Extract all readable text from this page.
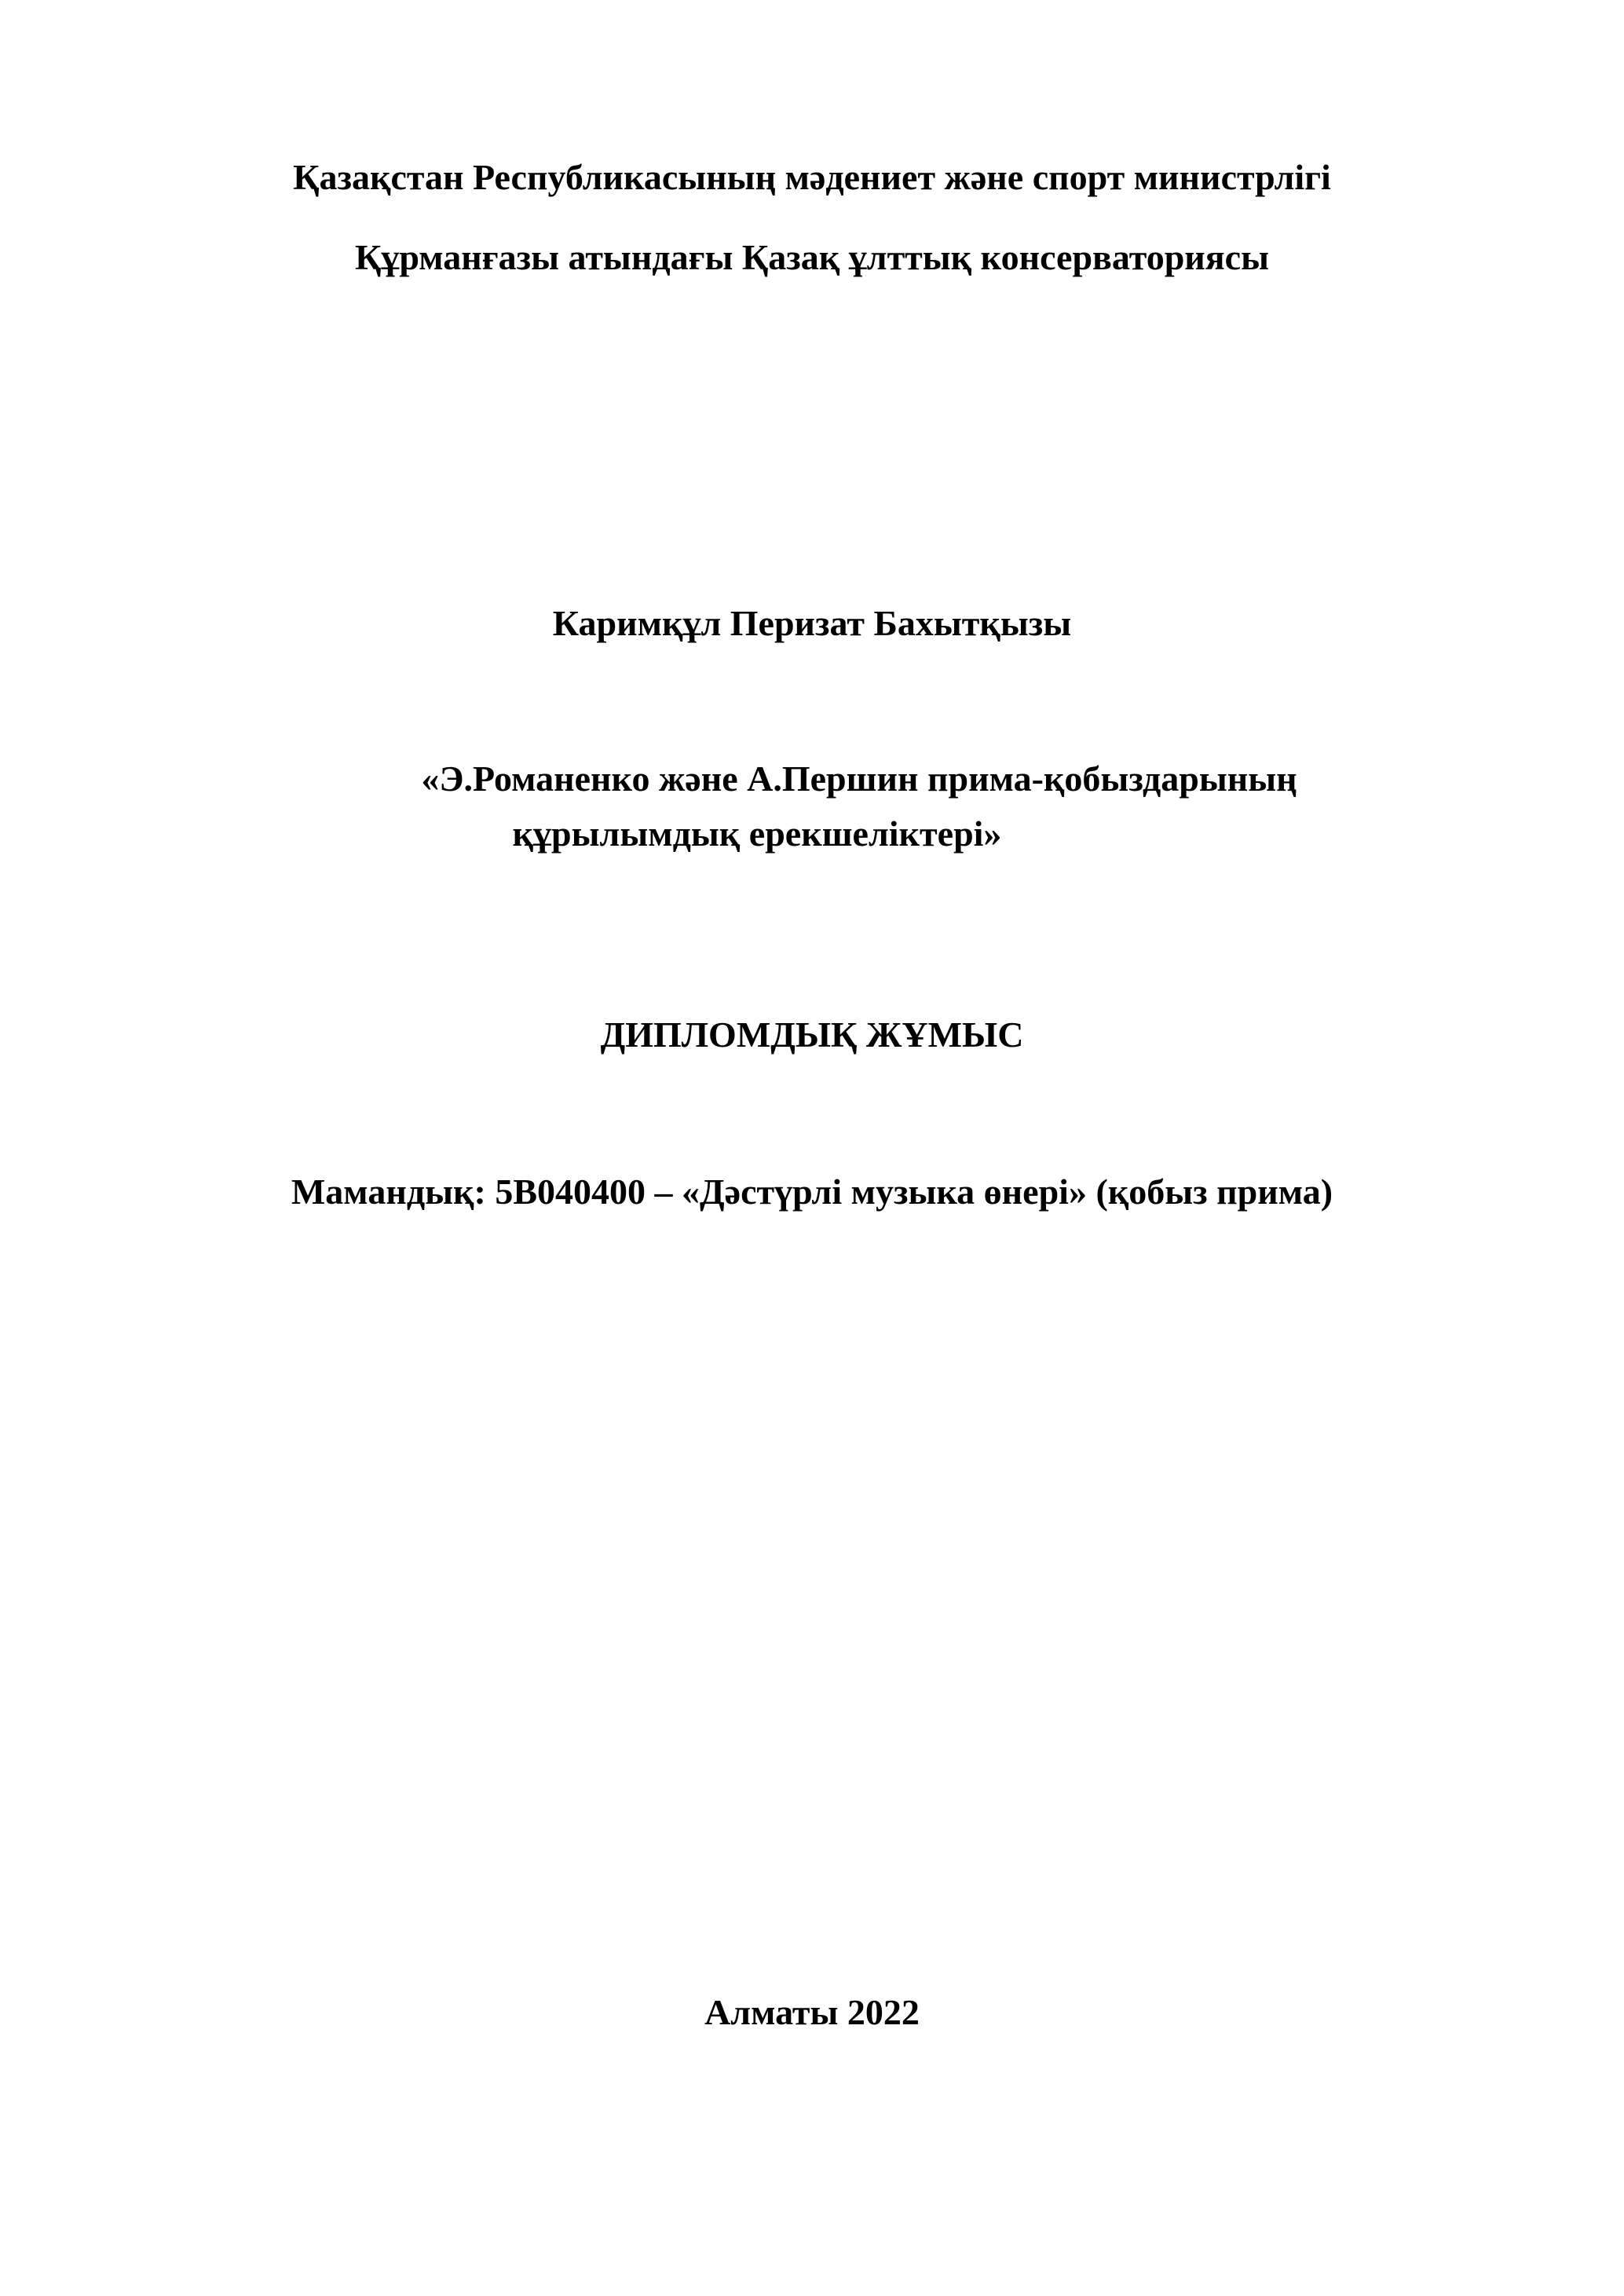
Қазақстан Республикасының мәдениет және спорт министрлігі
Құрманғазы атындағы Қазақ ұлттық консерваториясы
Каримқұл Перизат Бахытқызы
«Э.Романенко және А.Першин прима-қобыздарының
құрылымдық ерекшеліктері»
ДИПЛОМДЫҚ ЖҰМЫС
Мамандық: 5B040400 – «Дәстүрлі музыка өнері» (қобыз прима)
Алматы 2022
